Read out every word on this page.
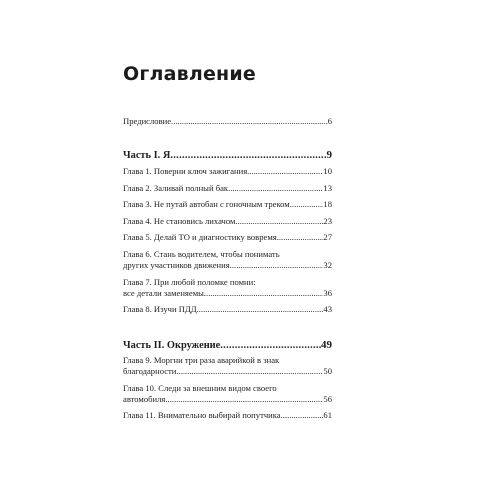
Оглавление
Предисловие .....	6
Часть I. Я .....	9
Глава 1. Поверни ключ зажигания .....	10
Глава 2. Заливай полный бак .....	13
Глава 3. Не путай автобан с гоночным треком .....	18
Глава 4. Не становись лихачом .....	23
Глава 5. Делай ТО и диагностику вовремя .....	27
Глава 6. Стань водителем, чтобы понимать
других участников движения .....	32
Глава 7. При любой поломке помни:
все детали заменяемы .....	36
Глава 8. Изучи ПДД .....	43
Часть II. Окружение .....	49
Глава 9. Моргни три раза аварийкой в знак
благодарности .....	50
Глава 10. Следи за внешним видом своего
автомобиля .....	56
Глава 11. Внимательно выбирай попутчика .....	61
